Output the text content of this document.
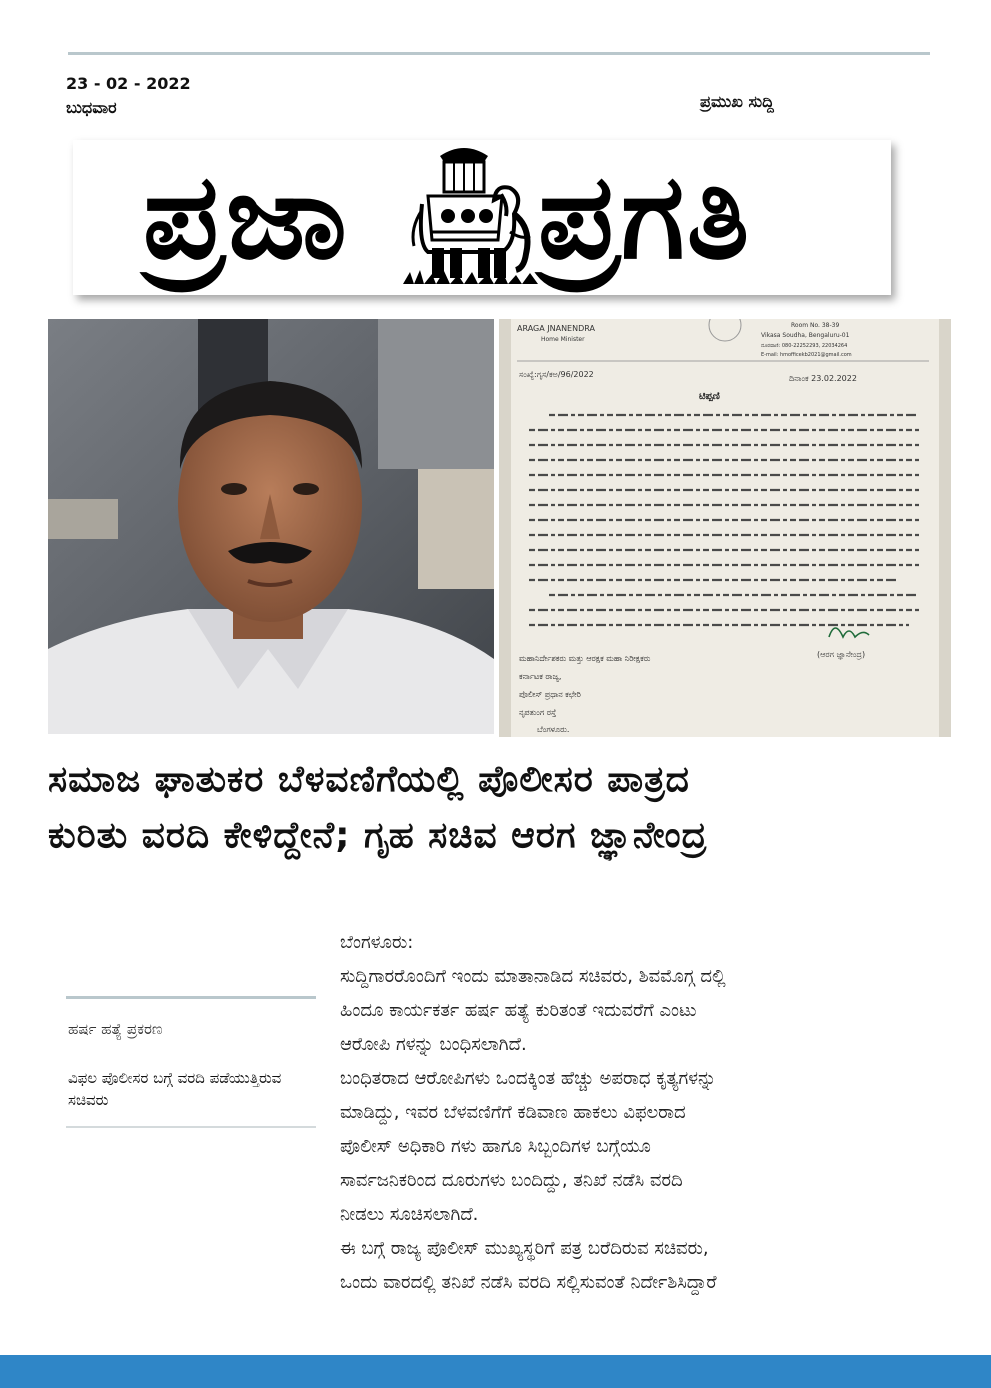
23 - 02 - 2022
ಬುಧವಾರ	ಪ್ರಮುಖ ಸುದ್ದಿ
ಪ್ರಜಾ ಪ್ರಗತಿ
ARAGA JNANENDRA
Home Minister
Room No. 38-39
Vikasa Soudha, Bengaluru-01
ದೂರವಾಣಿ: 080-22252293, 22034264
E-mail: hmofficekb2021@gmail.com
ಸಂಖ್ಯೆ:ಗೃಸ/ಕಅ/96/2022	ದಿನಾಂಕ 23.02.2022
ಟಿಪ್ಪಣಿ
(ಆರಗ ಜ್ಞಾನೇಂದ್ರ)
ಮಹಾನಿರ್ದೇಶಕರು ಮತ್ತು ಆರಕ್ಷಕ ಮಹಾ ನಿರೀಕ್ಷಕರು
ಕರ್ನಾಟಕ ರಾಜ್ಯ,
ಪೊಲೀಸ್ ಪ್ರಧಾನ ಕಛೇರಿ
ನೃಪತುಂಗ ರಸ್ತೆ
ಬೆಂಗಳೂರು.
ಸಮಾಜ ಘಾತುಕರ ಬೆಳವಣಿಗೆಯಲ್ಲಿ ಪೊಲೀಸರ ಪಾತ್ರದ
ಕುರಿತು ವರದಿ ಕೇಳಿದ್ದೇನೆ; ಗೃಹ ಸಚಿವ ಆರಗ ಜ್ಞಾನೇಂದ್ರ
ಹರ್ಷ ಹತ್ಯೆ ಪ್ರಕರಣ
ವಿಫಲ ಪೊಲೀಸರ ಬಗ್ಗೆ ವರದಿ ಪಡೆಯುತ್ತಿರುವ ಸಚಿವರು

ಬೆಂಗಳೂರು:

ಸುದ್ದಿಗಾರರೊಂದಿಗೆ ಇಂದು ಮಾತಾನಾಡಿದ ಸಚಿವರು, ಶಿವಮೊಗ್ಗ ದಲ್ಲಿ

ಹಿಂದೂ ಕಾರ್ಯಕರ್ತ ಹರ್ಷ ಹತ್ಯೆ ಕುರಿತಂತೆ ಇದುವರೆಗೆ ಎಂಟು

ಆರೋಪಿ ಗಳನ್ನು ಬಂಧಿಸಲಾಗಿದೆ.

ಬಂಧಿತರಾದ ಆರೋಪಿಗಳು ಒಂದಕ್ಕಿಂತ ಹೆಚ್ಚು ಅಪರಾಧ ಕೃತ್ಯಗಳನ್ನು

ಮಾಡಿದ್ದು, ಇವರ ಬೆಳವಣಿಗೆಗೆ ಕಡಿವಾಣ ಹಾಕಲು ವಿಫಲರಾದ

ಪೊಲೀಸ್ ಅಧಿಕಾರಿ ಗಳು ಹಾಗೂ ಸಿಬ್ಬಂದಿಗಳ ಬಗ್ಗೆಯೂ

ಸಾರ್ವಜನಿಕರಿಂದ ದೂರುಗಳು ಬಂದಿದ್ದು, ತನಿಖೆ ನಡೆಸಿ ವರದಿ

ನೀಡಲು ಸೂಚಿಸಲಾಗಿದೆ.

ಈ ಬಗ್ಗೆ ರಾಜ್ಯ ಪೊಲೀಸ್ ಮುಖ್ಯಸ್ಥರಿಗೆ ಪತ್ರ ಬರೆದಿರುವ ಸಚಿವರು,

ಒಂದು ವಾರದಲ್ಲಿ ತನಿಖೆ ನಡೆಸಿ ವರದಿ ಸಲ್ಲಿಸುವಂತೆ ನಿರ್ದೇಶಿಸಿದ್ದಾರೆ
